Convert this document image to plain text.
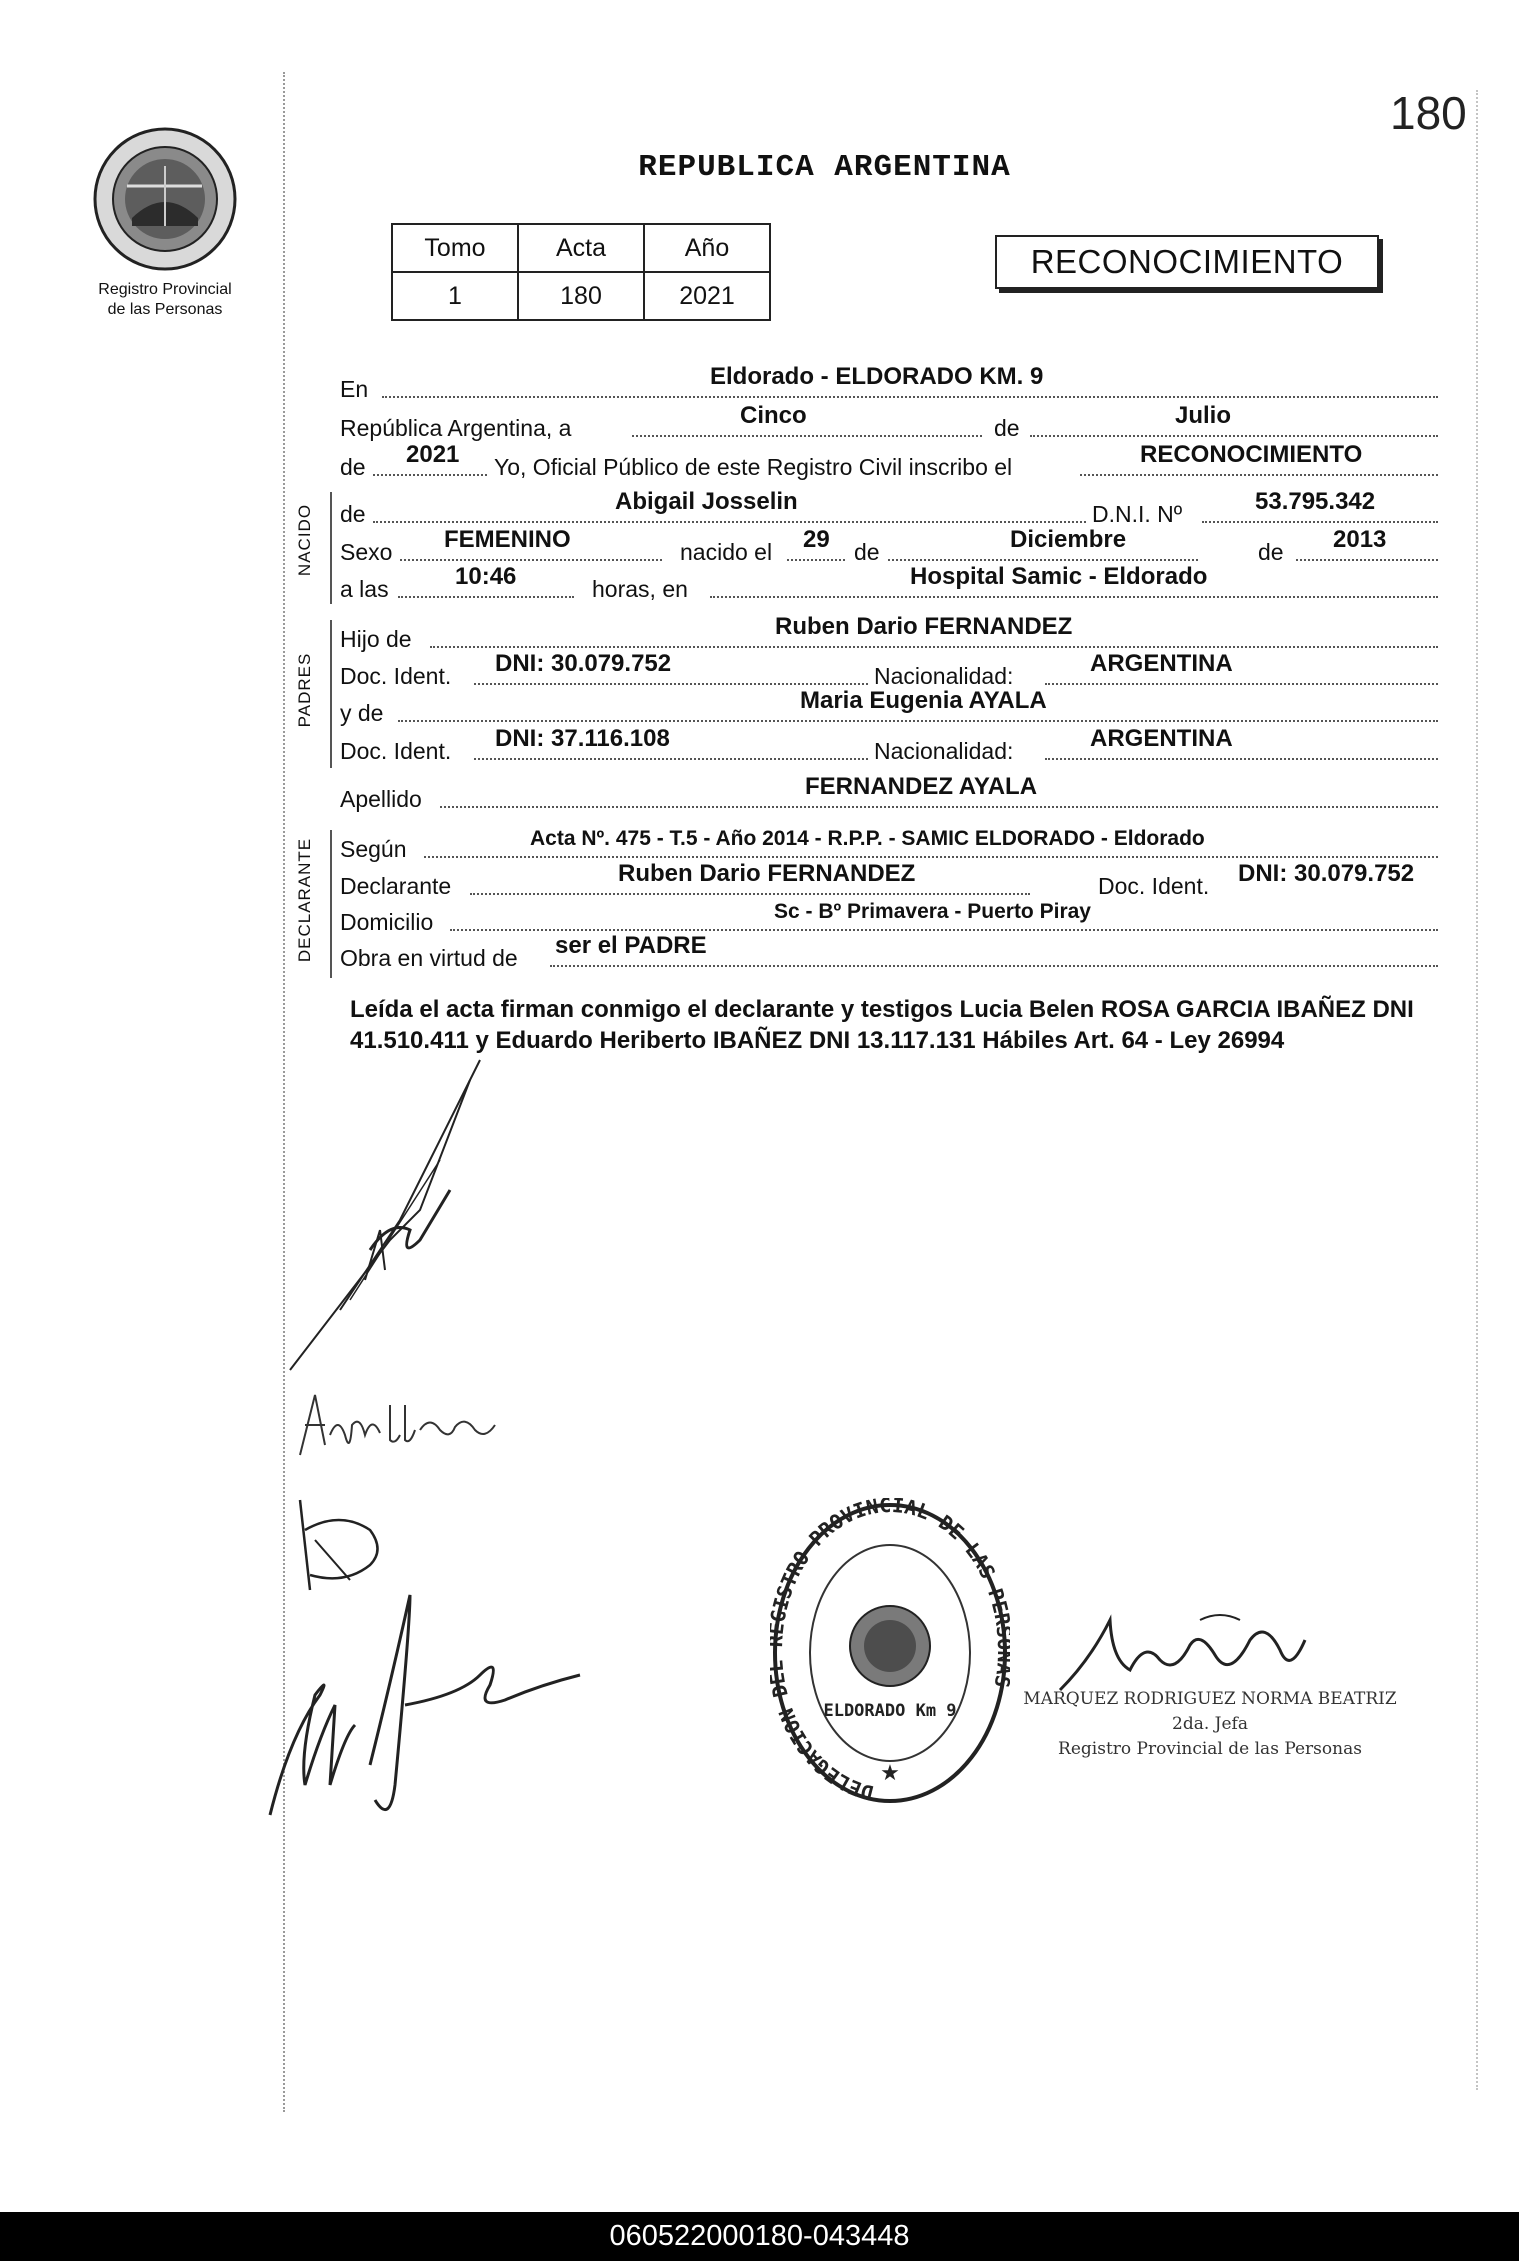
180
Registro Provincial
de las Personas
REPUBLICA ARGENTINA
Tomo	Acta	Año
1	180	2021
RECONOCIMIENTO
En	Eldorado - ELDORADO KM. 9
República Argentina, a	Cinco	de	Julio
de 2021 Yo, Oficial Público de este Registro Civil inscribo el	RECONOCIMIENTO
NACIDO de	Abigail Josselin	D.N.I. Nº	53.795.342
Sexo FEMENINO	nacido el 29 de	Diciembre	de 2013
a las	10:46	horas, en	Hospital Samic - Eldorado
PADRES
Hijo de	Ruben Dario FERNANDEZ
Doc. Ident. DNI: 30.079.752	Nacionalidad:	ARGENTINA
y de	Maria Eugenia AYALA
Doc. Ident. DNI: 37.116.108	Nacionalidad:	ARGENTINA
Apellido	FERNANDEZ AYALA
DECLARANTE Según	Acta Nº. 475 - T.5 - Año 2014 - R.P.P. - SAMIC ELDORADO - Eldorado
Declarante	Ruben Dario FERNANDEZ	Doc. Ident. DNI: 30.079.752
Domicilio	Sc - Bº Primavera - Puerto Piray
Obra en virtud de ser el PADRE
Leída el acta firman conmigo el declarante y testigos Lucia Belen ROSA GARCIA IBAÑEZ DNI 41.510.411 y Eduardo Heriberto IBAÑEZ DNI 13.117.131 Hábiles Art. 64 - Ley 26994
DELEGACION ISTRO PROVINCIAL DE LAS P
ELDORADO Km 9
★
MARQUEZ RODRIGUEZ NORMA BEATRIZ
2da. Jefa
Registro Provincial de las Personas
060522000180-043448
